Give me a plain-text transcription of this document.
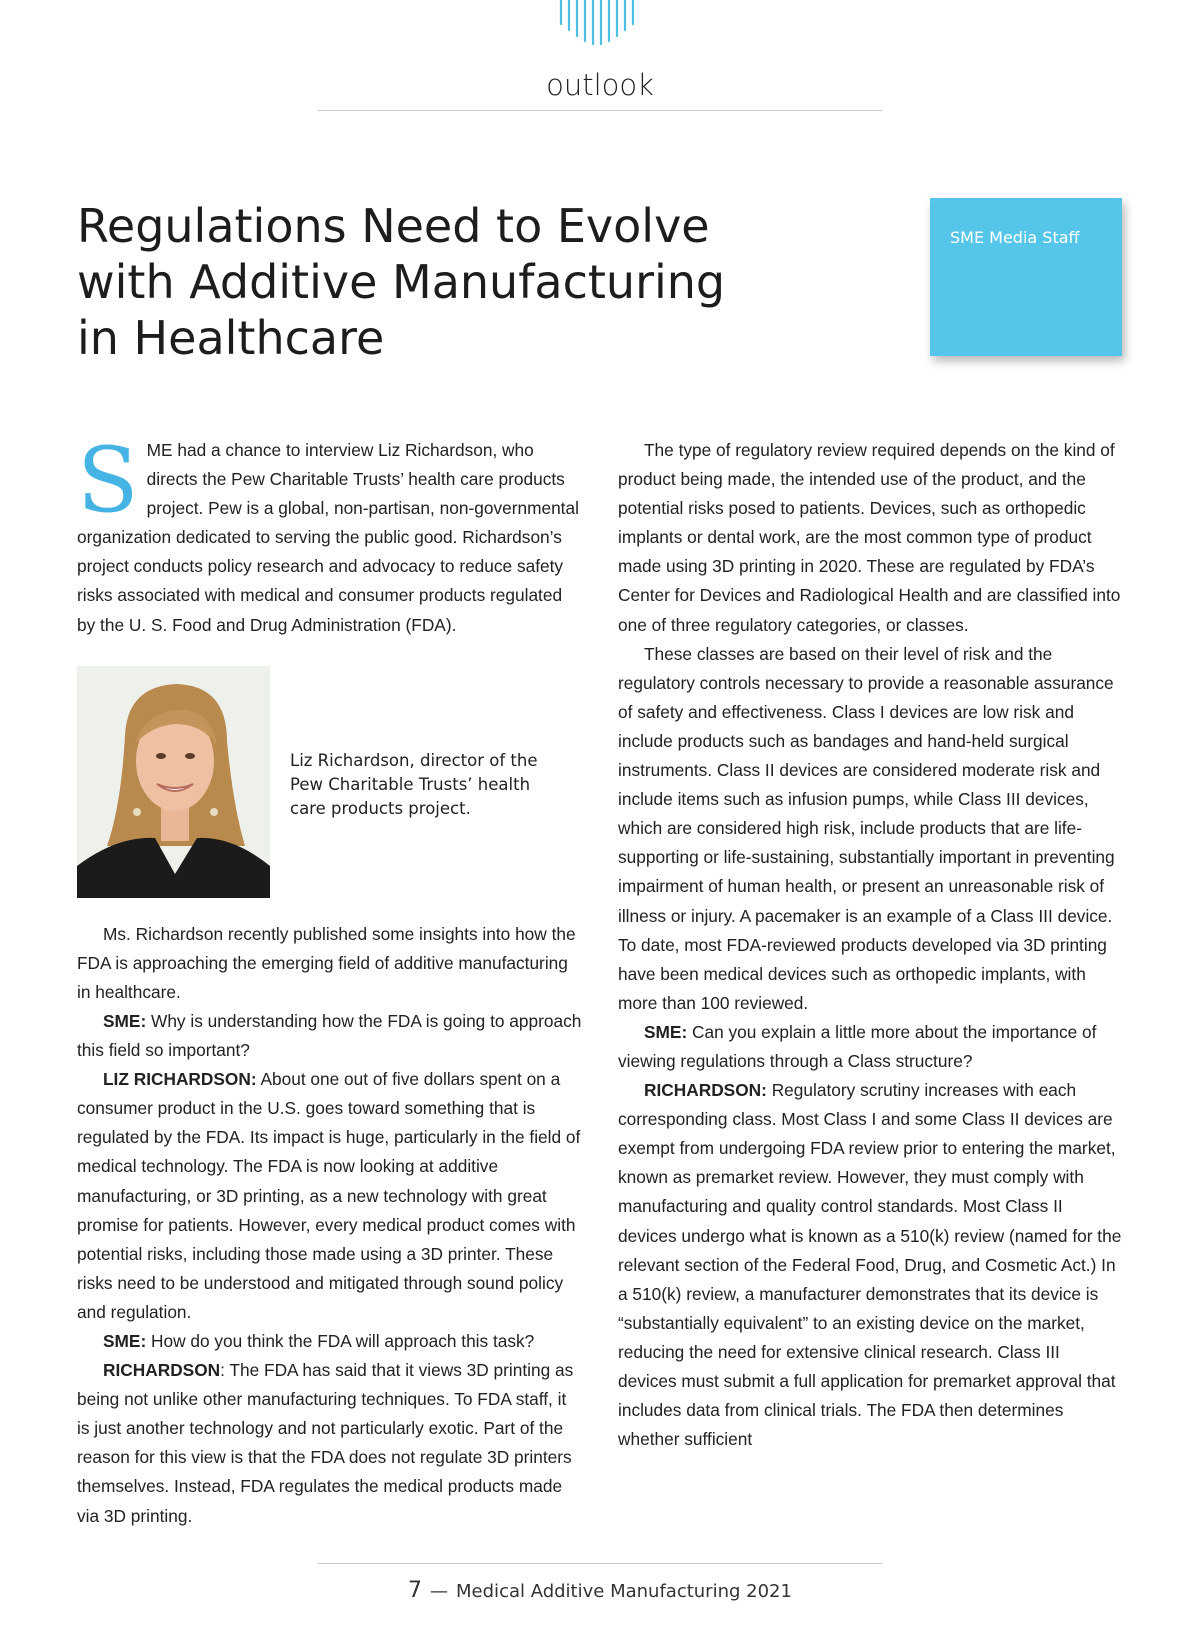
outlook
Regulations Need to Evolve
with Additive Manufacturing
in Healthcare
SME Media Staff

SME had a chance to interview Liz Richardson, who directs the Pew Charitable Trusts’ health care products project. Pew is a global, non-partisan, non-governmental organization dedicated to serving the public good. Richardson’s project conducts policy research and advocacy to reduce safety risks associated with medical and consumer products regulated by the U. S. Food and Drug Administration (FDA).

Liz Richardson, director of the Pew Charitable Trusts’ health care products project.

Ms. Richardson recently published some insights into how the FDA is approaching the emerging field of additive manufacturing in healthcare.

SME: Why is understanding how the FDA is going to approach this field so important?

LIZ RICHARDSON: About one out of five dollars spent on a consumer product in the U.S. goes toward something that is regulated by the FDA. Its impact is huge, particularly in the field of medical technology. The FDA is now looking at additive manufacturing, or 3D printing, as a new technology with great promise for patients. However, every medical product comes with potential risks, including those made using a 3D printer. These risks need to be understood and mitigated through sound policy and regulation.

SME: How do you think the FDA will approach this task?

RICHARDSON: The FDA has said that it views 3D printing as being not unlike other manufacturing techniques. To FDA staff, it is just another technology and not particularly exotic. Part of the reason for this view is that the FDA does not regulate 3D printers themselves. Instead, FDA regulates the medical products made via 3D printing.

The type of regulatory review required depends on the kind of product being made, the intended use of the product, and the potential risks posed to patients. Devices, such as orthopedic implants or dental work, are the most common type of product made using 3D printing in 2020. These are regulated by FDA’s Center for Devices and Radiological Health and are classified into one of three regulatory categories, or classes.

These classes are based on their level of risk and the regulatory controls necessary to provide a reasonable assurance of safety and effectiveness. Class I devices are low risk and include products such as bandages and hand-held surgical instruments. Class II devices are considered moderate risk and include items such as infusion pumps, while Class III devices, which are considered high risk, include products that are life-supporting or life-sustaining, substantially important in preventing impairment of human health, or present an unreasonable risk of illness or injury. A pacemaker is an example of a Class III device. To date, most FDA-reviewed products developed via 3D printing have been medical devices such as orthopedic implants, with more than 100 reviewed.

SME: Can you explain a little more about the importance of viewing regulations through a Class structure?

RICHARDSON: Regulatory scrutiny increases with each corresponding class. Most Class I and some Class II devices are exempt from undergoing FDA review prior to entering the market, known as premarket review. However, they must comply with manufacturing and quality control standards. Most Class II devices undergo what is known as a 510(k) review (named for the relevant section of the Federal Food, Drug, and Cosmetic Act.) In a 510(k) review, a manufacturer demonstrates that its device is “substantially equivalent” to an existing device on the market, reducing the need for extensive clinical research. Class III devices must submit a full application for premarket approval that includes data from clinical trials. The FDA then determines whether sufficient

7 — Medical Additive Manufacturing 2021
